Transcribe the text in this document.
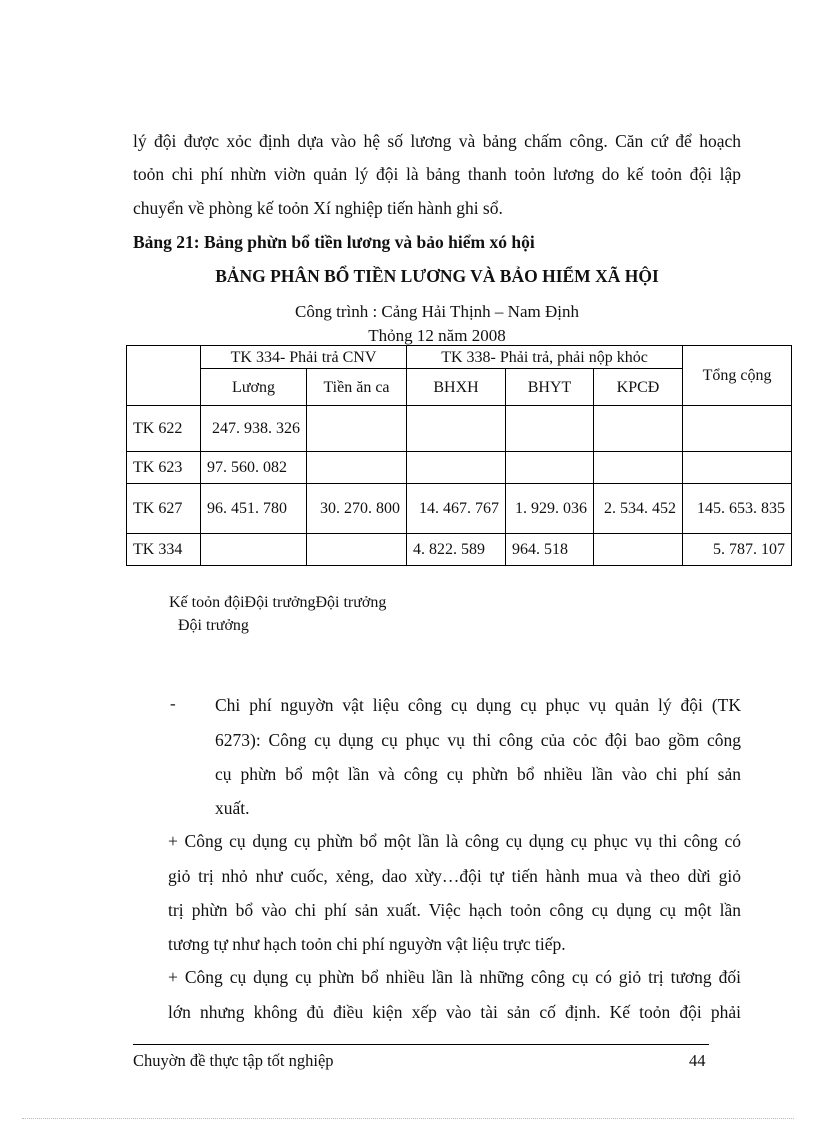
lý đội được xỏc định dựa vào hệ số lương và bảng chấm công. Căn cứ để hoạch
toỏn chi phí nhừn viờn quản lý đội là bảng thanh toỏn lương do kế toỏn đội lập
chuyển về phòng kế toỏn Xí nghiệp tiến hành ghi sổ.
Bảng 21: Bảng phừn bổ tiền lương và bảo hiểm xó hội
BẢNG PHÂN BỔ TIỀN LƯƠNG VÀ BẢO HIỂM XÃ HỘI
Công trình : Cảng Hải Thịnh – Nam Định
Thỏng 12 năm 2008
	TK 334- Phải trả CNV		TK 338- Phải trả, phải nộp khỏc			Tổng cộng
	Lương	Tiền ăn ca	BHXH	BHYT	KPCĐ	
TK 622	247. 938. 326					
TK 623	97. 560. 082					
TK 627	96. 451. 780	30. 270. 800	14. 467. 767	1. 929. 036	2. 534. 452	145. 653. 835
TK 334			4. 822. 589	964. 518		5. 787. 107
Kế toỏn độiĐội trưởngĐội trưởng
Đội trưởng
- Chi phí nguyờn vật liệu công cụ dụng cụ phục vụ quản lý đội (TK
6273): Công cụ dụng cụ phục vụ thi công của cỏc đội bao gồm công
cụ phừn bổ một lần và công cụ phừn bổ nhiều lần vào chi phí sản
xuất.
+ Công cụ dụng cụ phừn bổ một lần là công cụ dụng cụ phục vụ thi công có
giỏ trị nhỏ như cuốc, xẻng, dao xừy…đội tự tiến hành mua và theo dừi giỏ
trị phừn bổ vào chi phí sản xuất. Việc hạch toỏn công cụ dụng cụ một lần
tương tự như hạch toỏn chi phí nguyờn vật liệu trực tiếp.
+ Công cụ dụng cụ phừn bổ nhiều lần là những công cụ có giỏ trị tương đối
lớn nhưng không đủ điều kiện xếp vào tài sản cố định. Kế toỏn đội phải
Chuyờn đề thực tập tốt nghiệp	44
